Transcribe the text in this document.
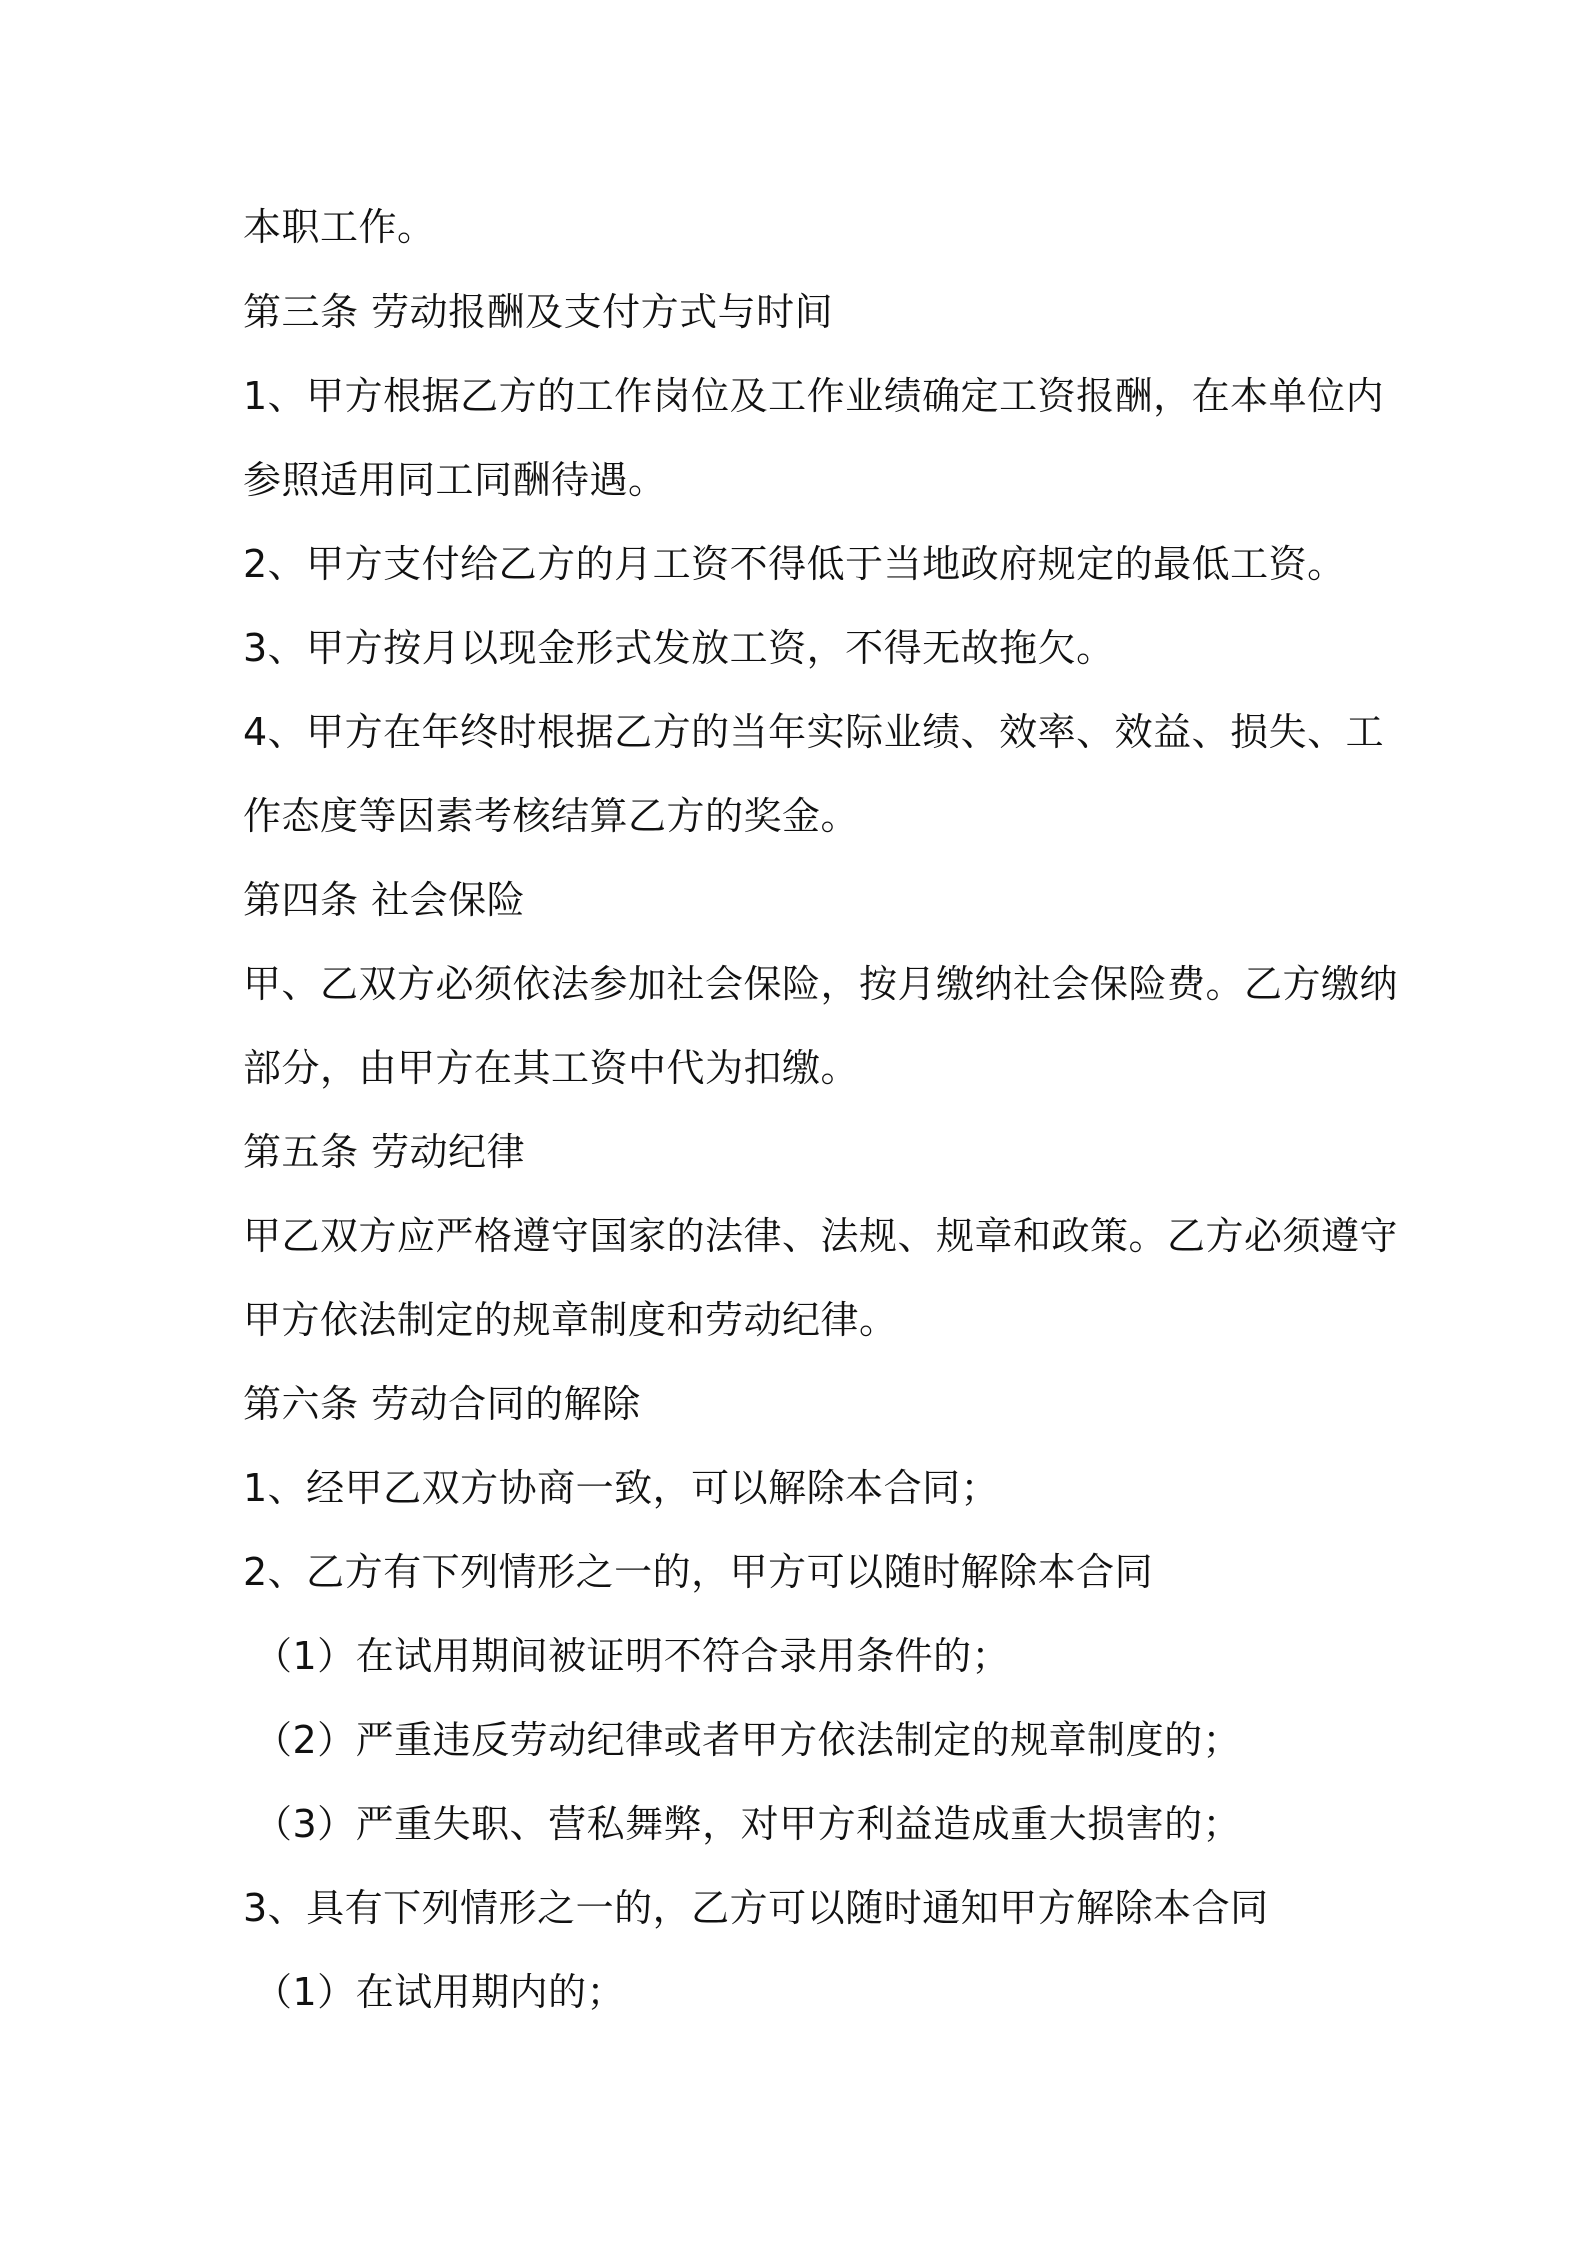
本职工作。
第三条 劳动报酬及支付方式与时间
1、甲方根据乙方的工作岗位及工作业绩确定工资报酬，在本单位内
参照适用同工同酬待遇。
2、甲方支付给乙方的月工资不得低于当地政府规定的最低工资。
3、甲方按月以现金形式发放工资，不得无故拖欠。
4、甲方在年终时根据乙方的当年实际业绩、效率、效益、损失、工
作态度等因素考核结算乙方的奖金。
第四条 社会保险
甲、乙双方必须依法参加社会保险，按月缴纳社会保险费。乙方缴纳
部分，由甲方在其工资中代为扣缴。
第五条 劳动纪律
甲乙双方应严格遵守国家的法律、法规、规章和政策。乙方必须遵守
甲方依法制定的规章制度和劳动纪律。
第六条 劳动合同的解除
1、经甲乙双方协商一致，可以解除本合同；
2、乙方有下列情形之一的，甲方可以随时解除本合同
（1）在试用期间被证明不符合录用条件的；
（2）严重违反劳动纪律或者甲方依法制定的规章制度的；
（3）严重失职、营私舞弊，对甲方利益造成重大损害的；
3、具有下列情形之一的，乙方可以随时通知甲方解除本合同
（1）在试用期内的；
